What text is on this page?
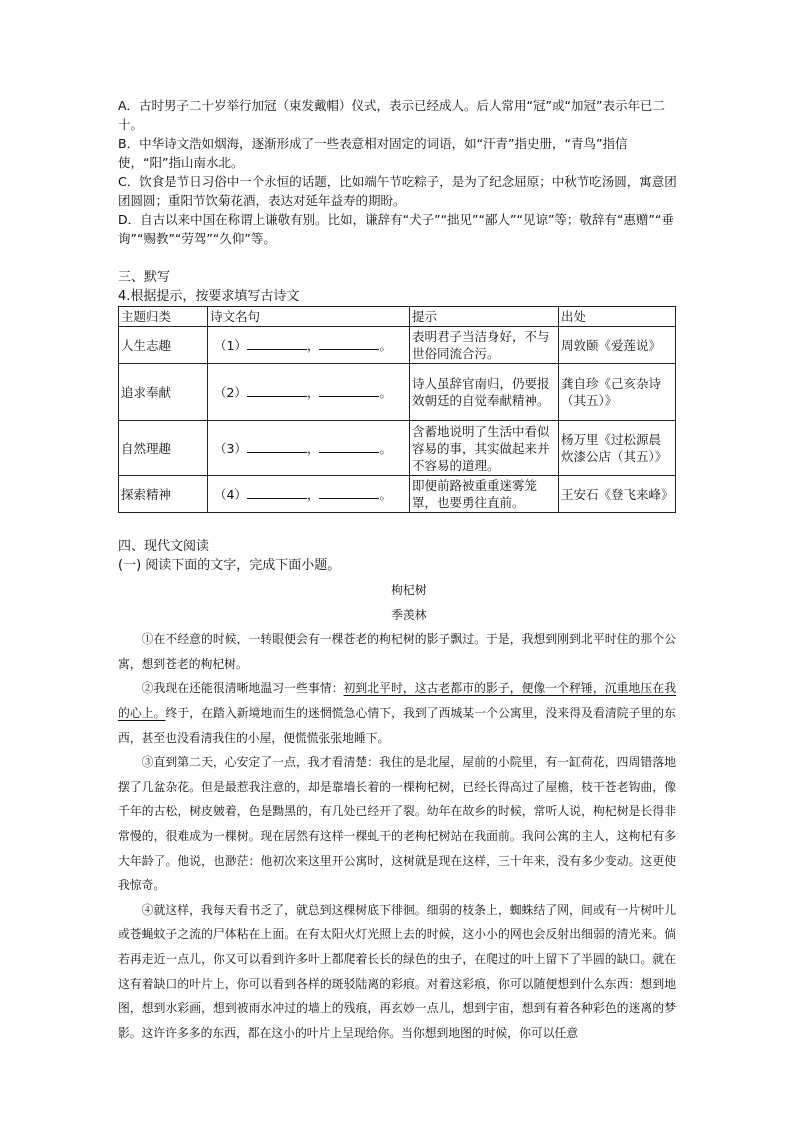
A．古时男子二十岁举行加冠（束发戴帽）仪式，表示已经成人。后人常用“冠”或“加冠”表示年已二十。

B．中华诗文浩如烟海，逐渐形成了一些表意相对固定的词语，如“汗青”指史册，“青鸟”指信使，“阳”指山南水北。

C．饮食是节日习俗中一个永恒的话题，比如端午节吃粽子，是为了纪念屈原；中秋节吃汤圆，寓意团团圆圆；重阳节饮菊花酒，表达对延年益寿的期盼。

D．自古以来中国在称谓上谦敬有别。比如，谦辞有“犬子”“拙见”“鄙人”“见谅”等；敬辞有“惠赠”“垂询”“赐教”“劳驾”“久仰”等。

三、默写
4.根据提示，按要求填写古诗文
主题归类	诗文名句	提示	出处
人生志趣	（1） ， 。	表明君子当洁身好，不与世俗同流合污。	周敦颐《爱莲说》
追求奉献	（2） ， 。	诗人虽辞官南归，仍要报效朝廷的自觉奉献精神。	龚自珍《己亥杂诗（其五）》
自然理趣	（3） ， 。	含蓄地说明了生活中看似容易的事，其实做起来并不容易的道理。	杨万里《过松源晨炊漆公店（其五）》
探索精神	（4） ， 。	即便前路被重重迷雾笼罩，也要勇往直前。	王安石《登飞来峰》
四、现代文阅读
(一) 阅读下面的文字，完成下面小题。

枸杞树

季羡林

①在不经意的时候，一转眼便会有一棵苍老的枸杞树的影子飘过。于是，我想到刚到北平时住的那个公寓，想到苍老的枸杞树。

②我现在还能很清晰地温习一些事情：初到北平时，这古老都市的影子，便像一个秤锤，沉重地压在我的心上。终于，在踏入新境地而生的迷惘慌急心情下，我到了西城某一个公寓里，没来得及看清院子里的东西，甚至也没看清我住的小屋，便慌慌张张地睡下。

③直到第二天，心安定了一点，我才看清楚：我住的是北屋，屋前的小院里，有一缸荷花，四周错落地摆了几盆杂花。但是最惹我注意的，却是靠墙长着的一棵枸杞树，已经长得高过了屋檐，枝干苍老钩曲，像千年的古松，树皮皴着，色是黝黑的，有几处已经开了裂。幼年在故乡的时候，常听人说，枸杞树是长得非常慢的，很难成为一棵树。现在居然有这样一棵虬干的老枸杞树站在我面前。我问公寓的主人，这枸杞有多大年龄了。他说，也渺茫：他初次来这里开公寓时，这树就是现在这样，三十年来，没有多少变动。这更使我惊奇。

④就这样，我每天看书乏了，就总到这棵树底下徘徊。细弱的枝条上，蜘蛛结了网，间或有一片树叶儿或苍蝇蚊子之流的尸体粘在上面。在有太阳火灯光照上去的时候，这小小的网也会反射出细弱的清光来。倘若再走近一点儿，你又可以看到许多叶上都爬着长长的绿色的虫子，在爬过的叶上留下了半圆的缺口。就在这有着缺口的叶片上，你可以看到各样的斑驳陆离的彩痕。对着这彩痕，你可以随便想到什么东西：想到地图，想到水彩画，想到被雨水冲过的墙上的残痕，再玄妙一点儿，想到宇宙，想到有着各种彩色的迷离的梦影。这许许多多的东西，都在这小的叶片上呈现给你。当你想到地图的时候，你可以任意
